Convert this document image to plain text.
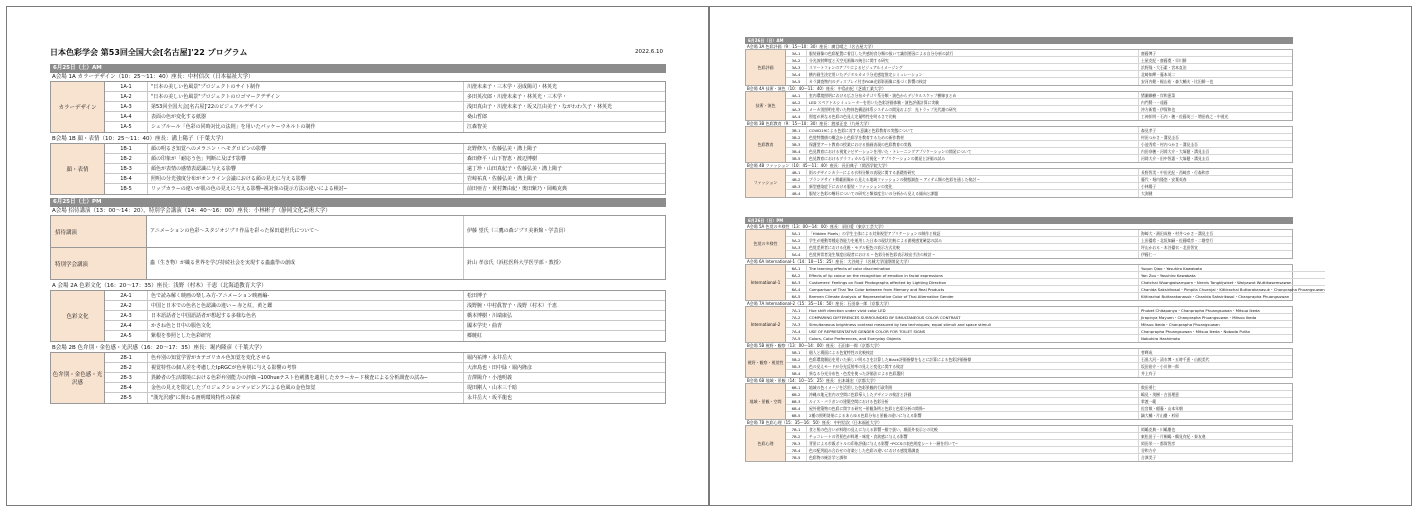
日本色彩学会 第53回全国大会[名古屋]'22 プログラム	2022.6.10
6月25日（土）AM
A会場 1A カラーデザイン（10：25〜11：40）座長：中村信次（日本福祉大学）
カラーデザイン
1A-1	"日本の美しい色風景"プロジェクトのサイト制作	川澄未来子・三木学・羽成陽司・林英光
1A-2	"日本の美しい色風景"プロジェクトのロゴマークデザイン	多田英次郎・川澄未来子・林英光・三木学・
1A-3	第53回全国大会[名古屋]'22のビジュアルデザイン	浅田真由子・川澄未来子・坂又江由美子・ながわわ久子・林英光
1A-4	表面の色が変化する紙器	桑山哲郎
1A-5	シュブルール「色彩の同時対比の法則」を用いたパッケーウネルトの制作	江森智美
B会場 1B 顔・表情（10：25〜11：40）座長：溝上陽子（千葉大学）
顔・表情
1B-1	顔の明るさ知覚へのメラニン・ヘモグロビンの影響	北野修久・佐藤弘美・溝上陽子
1B-2	顔の印象が「耐応う色」判断に及ぼす影響	森田修平・山下智恵・渡辺博樹
1B-3	顔色が表情の感情表認識に与える影響	遠丁珍・山田真紀子・佐藤弘美・溝上陽子
1B-4	照明の分光強度分布がオンライン会議における顔の見えに与える影響	岩﨑祐真・佐藤弘美・溝上陽子
1B-5	リップカラーの違いが肌の色の見えに与える影響─視対象の提示方法の違いによる検討─	前田亜吉・黄村舞由紀・奥田紫乃・岡嶋克典
6月25日（土）PM
A会場 招待講演（13：00〜14：20），特別学会講演（14：40〜16：00）座長：小林彬子（静岡文化芸術大学）
招待講演	アニメーションの色彩〜スタジオジブリ作品を彩った保田道世氏について〜	伊藤 望氏（三鷹の森ジブリ美術館・学芸員）
特別学会講演	蟲（生き物）が織る世界を学び持続社会を実現する蟲蟲學の創成	針山 孝彦氏（浜松医科大学医学部・教授）
A 会場 2A 色彩文化（16：20〜17：35）座長：浅野（村木）千恵（北海道教育大学）
色彩文化
2A-1	色で読み解く映画の楽しみ方-アニメーション映画編-	松田博子
2A-2	中国と日本での色名と色認識の違い ─ 赤と紅，黄と鑑	浅野腕・中村眞智子・浅野（村木）千恵
2A-3	日本語話者と中国語話者が想起する多様な色名	橋本博樹・川端康弘
2A-4	かさね色と日中の服色文化	國本学史・曲青
2A-5	紫根を参照とした色彩研究	郷暁紅
B会場 2B 色弁別・金色感・光沢感（16：20〜17：35）座長：堀内隆彦（千葉大学）
色弁別・金色感・光沢感
2B-1	色弁別の知覚学習がカテゴリカル色知覚を変化させる	堀内祐博・永井岳大
2B-2	視覚特性の個人差を考慮したIpRGCが色弁別に与える影響の考察	大津鳥也・田中緑・堀内隆彦
2B-3	異齢者の生活環境における色彩弁別能力の評価 ─100hueテスト色刺激を適用したカラーカード検査による分析調査の試み─	吉澤陽介・小池明義
2B-4	金色の見えを限定したプロジェクションマッピングによる色風の金色知覚	堤田剛人・山本三千暗
2B-5	"漢光沢感"に関わる画明環境特性の探索	永井岳大・坂平龍也
6月26日（日）AM
A会場 3A 色彩評価（9：15〜10：30）座長：廣目晴之（名古屋大学）
色彩評価
3A-1	服装画像の色彩配置に着目した共感的食分類の扱いて識別要因による自分分析の試行	齋藤博子
3A-2	分光放射輝度と天空光画像の統合に関する研究	土屋克紀・齋藤寛・早川勝
3A-3	スマートフォンのアプリによるビジュアルイメージング	浜野隆・大石素・宮本直治
3A-4	横内画生決定用いたデジタルカメラ分光感度推定シミュレーション	北崎知輝・藤本英二
3A-5	カラ調査物内のディスプレイ付きRGB光彩影画像に基づく影響の検討	安河内健・梶山祐・森大輔夫・比田勝一也
B会場 4A 技術・演色（10：40〜11：40）座長：中島由紀（芝浦工業大学）
技術・演色
4A-1	室内環境照明における広さ分布カテゴリ系分類・演色からデジタルスケップ横線まとめ	猪瀬鋼樹・岸和恵菜
4A-2	LED スペクトルシミュレーターを用いた色彩評価体験・演色評価計算に実験	内門賢一・遠藤
4A-3	メーカ別照明を用いた物体色構造体系システムの開発および：光トラップ光代謝の研究	沖方新寛・伊賀和也
4A-4	照度が異なる色彩の色見え定量特性を明るさで比較	工神拡明・石内・穂・佐藤英三・増田春之・中道光
B会場 3B 色彩教育（9：15〜10：30）座長：渡部正史（九州大学）
色彩教育
3B-1	COVID19による色彩に対する意識と色彩教育の実態について	森見孝子
3B-2	色覚特徴値の概念から色彩学を教育するための新作教材	村田つかさ・溝見圭吾
3B-3	保護型アート教育の授業における描画表現の色彩教育の実践	小池秀希・村内つかさ・溝見圭吾
3B-4	色見教育における視覚ナビゲーションを用いた・トレーニングアプリケーションの開発について	内田奈穂・河岡大介・大塚健・溝見圭吾
3B-5	色見教育におけるグラフィカルな可視化・アプリケーションの開発と評価の試み	河岡大介・田中智惠・大塚健・溝見圭吾
B会場 4B ファッション（10：45〜11：40）座長：長田典子（関西学院大学）
ファッション
4B-1	街のデザインカラーによる衣料分類の表現に関する基礎的研究	長野智美・中田光紀・西崎彦・行森和彦
4B-2	ブランドサイト掲載画像から見える地域ファッションの動態調査 ─ アイテム類の色彩を通した検討 ─	藤代・堀内隆悠・安葉英春
4B-3	新型感染症下における服装・ファッションの変化	小林陽子
4B-4	服装と色彩の嗜好についての研究と類似度合いの分析から見える傾向と課題	大渕健
6月26日（日）PM
A会場 5A 色覚の多様性（13：00〜14：00）座長：須田愛（東京工芸大学）
色覚の多様性
5A-1	「Hidden Pixels」の学生主体による対象視型アプリケーションの制作と検証	海崎大・濱田成格・村井つかさ・溝見主吾
5A-2	学生が運動等種応答能力を運用した日本の現状比較による錯視感覚確認の試み	上田優希・北垣知嗣・佐藤晴彦・二階堂行
5A-3	色覚差異者における化粧・モデル配色の表示方式比較	坪山かおる・木谷優衣・北田智宣
5A-4	色覚異常者発生頻度出現者における ─ 色彩分析色彩表示検出手法の検討 ─	伊藤仁一
A会場 6A International-1（14：10〜15：25）座長：大谷純子（名城大学国際開発大学）
International-1
6A-1	The learning effects of color discrimination	Yuqun Qiao・Yasuhiro Kawabata
6A-2	Effects of lip colour on the recognition of emotion in facial expressions	Yan Zou・Yasuhiro Kawabata
6A-3	Customers' Feelings on Food Photographs affected by Lighting Direction	Chatchai Wuangwisarnporn・Nrenis Tangkijwiset・Waiyawut Wuttikasemsawan
6A-4	Comparison of Thai Tea Color between from Memory and Real Products	Chanida Saksirikosol・Pimpila Chuenjai・Kittirachai Buttarakanasuk・Chanprapha Phuangsuwan
6A-5	Bremen Climate Analysis of Representative Color of Thai Alternative Gender	Kittirachai Buttarakanasuk・Chanida Saksirikosol・Chanprapha Phuangsuwan
A会場 7A International-2（15：35〜16：50）座長：石田泰一郎（京都大学）
International-2
7A-1	Hue shift direction under vivid color LED	Phubet Chitapanya・Chanprapha Phuangsuwan・Mitsuo Ikeda
7A-2	COMPARING DIFFERENCES SURROUNDED BY SIMULTANEOUS COLOR CONTRAST	Jirapinya Mayuen・Chanprapha Phuangsuwan・Mitsuo Ikeda
7A-3	Simultaneous brightness contrast measured by two techniques; equal stimuli and space stimuli	Mitsuo Ikeda・Chanprapha Phuangsuwan
7A-4	USE OF REPRESENTATIVE GENDER COLOR FOR TOILET SIGNS	Chanprapha Phuangsuwan・Mitsuo Ikeda・Noboda Pulita
7A-5	Colors, Color Preferences, and Everyday Objects	Nobuhiro Hashimoto
B会場 5B 視野・観察（13：00〜14：00）座長：石田泰一郎（京都大学）
視野・観察・視覚性
5B-1	個人と場面による色覚特性の比較検討	菅輝成
5B-2	色彩環境順応を用いた新しい明るさを計算したBlack評価指標をもとに計算による色彩評価指標	石黒大河・清水博・五時千恵・山根美代
5B-3	色の見えモードが分光反射率の見えと変化に関する検討	坂田裕介・小川伸一郎
5B-4	異なる分光分布色・色差を使った評価法による色彩選択	井上有子
B会場 6B 地域・景観（14：10〜15：25）座長：出本雄宏（京都大学）
地域・景観・空間
6B-1	地域の色イメージを活用した色彩景観的行政利用	数田勇仁
6B-2	沖縄の地元室内の空間に色彩導入したデザインの検討と評価	嶋見・茂樹・吉田理恵
6B-3	ルイス・バラガンの建築空間における色彩分析	掌渡一範
6B-4	屋外建築物の色彩に関する研究 ─景観条例と色彩と色彩分析の関係─	佐宮敏・稲藤・山本年朝
6B-5	2種の照明効果によるあらゆる色彩分布と景観の違いに与える影響	鍋大輔・片山慶・杉原
B会場 7B 色彩心理（15：35〜16：50）座長：中村信次（日本福祉大学）
色彩心理
7B-1	食と肌の色合いが料理の見えに与える影響 ─服で扱い，顔面外表示との比較	岡嶋克典・川嶋慶也
7B-2	チョコレートの背景色が料理・味覚・食欲感に与える影響	東松田子・片桐嶋・鶴見有紀・泰友進
7B-3	背景による市販ボトルの印象評価に与える影響 ─PCCSの表色明度シート一層を用いて─	岡田栄一・都賀智彦
7B-4	色の配列組み合わせの音楽とした色彩の違いにおける感覚場調査	谷和方介
7B-5	色彩物の統計学と調和	合澤美子
